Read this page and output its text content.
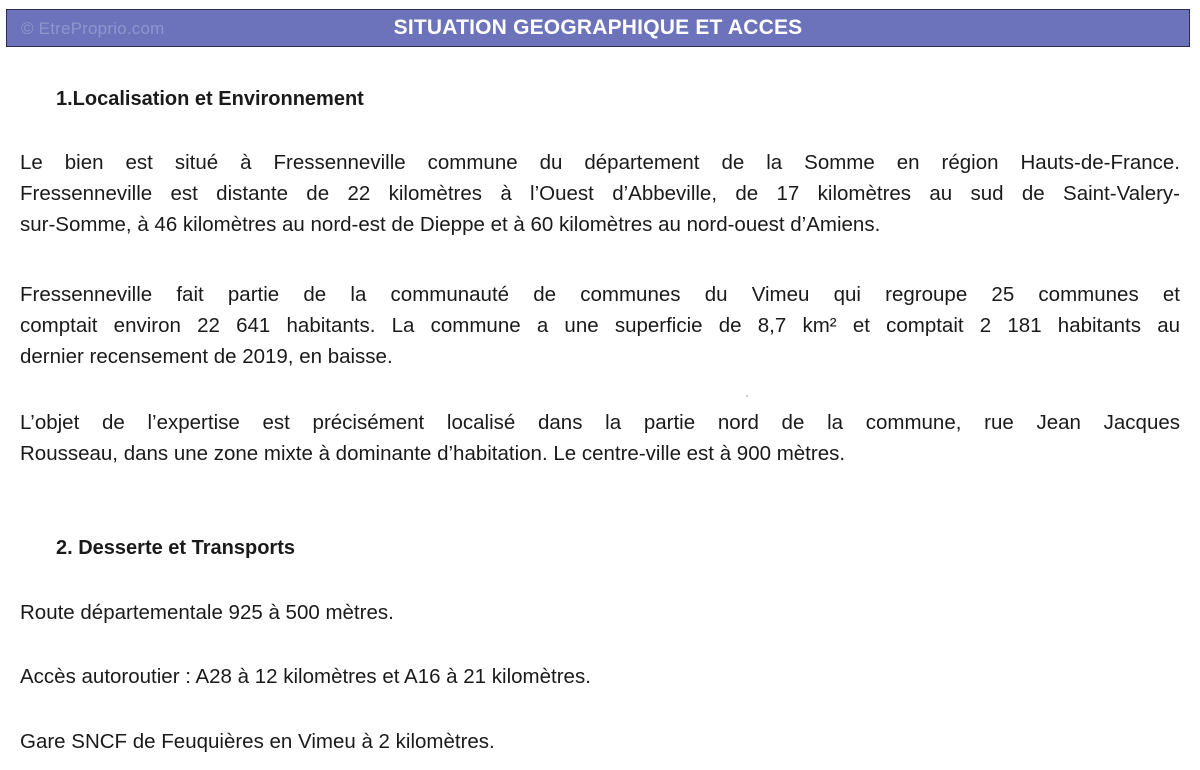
© EtreProprio.com	SITUATION GEOGRAPHIQUE ET ACCES
1.Localisation et Environnement
Le bien est situé à Fressenneville commune du département de la Somme en région Hauts-de-France.
Fressenneville est distante de 22 kilomètres à l’Ouest d’Abbeville, de 17 kilomètres au sud de Saint-Valery-
sur-Somme, à 46 kilomètres au nord-est de Dieppe et à 60 kilomètres au nord-ouest d’Amiens.
Fressenneville fait partie de la communauté de communes du Vimeu qui regroupe 25 communes et
comptait environ 22 641 habitants. La commune a une superficie de 8,7 km² et comptait 2 181 habitants au
dernier recensement de 2019, en baisse.
L’objet de l’expertise est précisément localisé dans la partie nord de la commune, rue Jean Jacques
Rousseau, dans une zone mixte à dominante d’habitation. Le centre-ville est à 900 mètres.
2. Desserte et Transports
Route départementale 925 à 500 mètres.
Accès autoroutier : A28 à 12 kilomètres et A16 à 21 kilomètres.
Gare SNCF de Feuquières en Vimeu à 2 kilomètres.
